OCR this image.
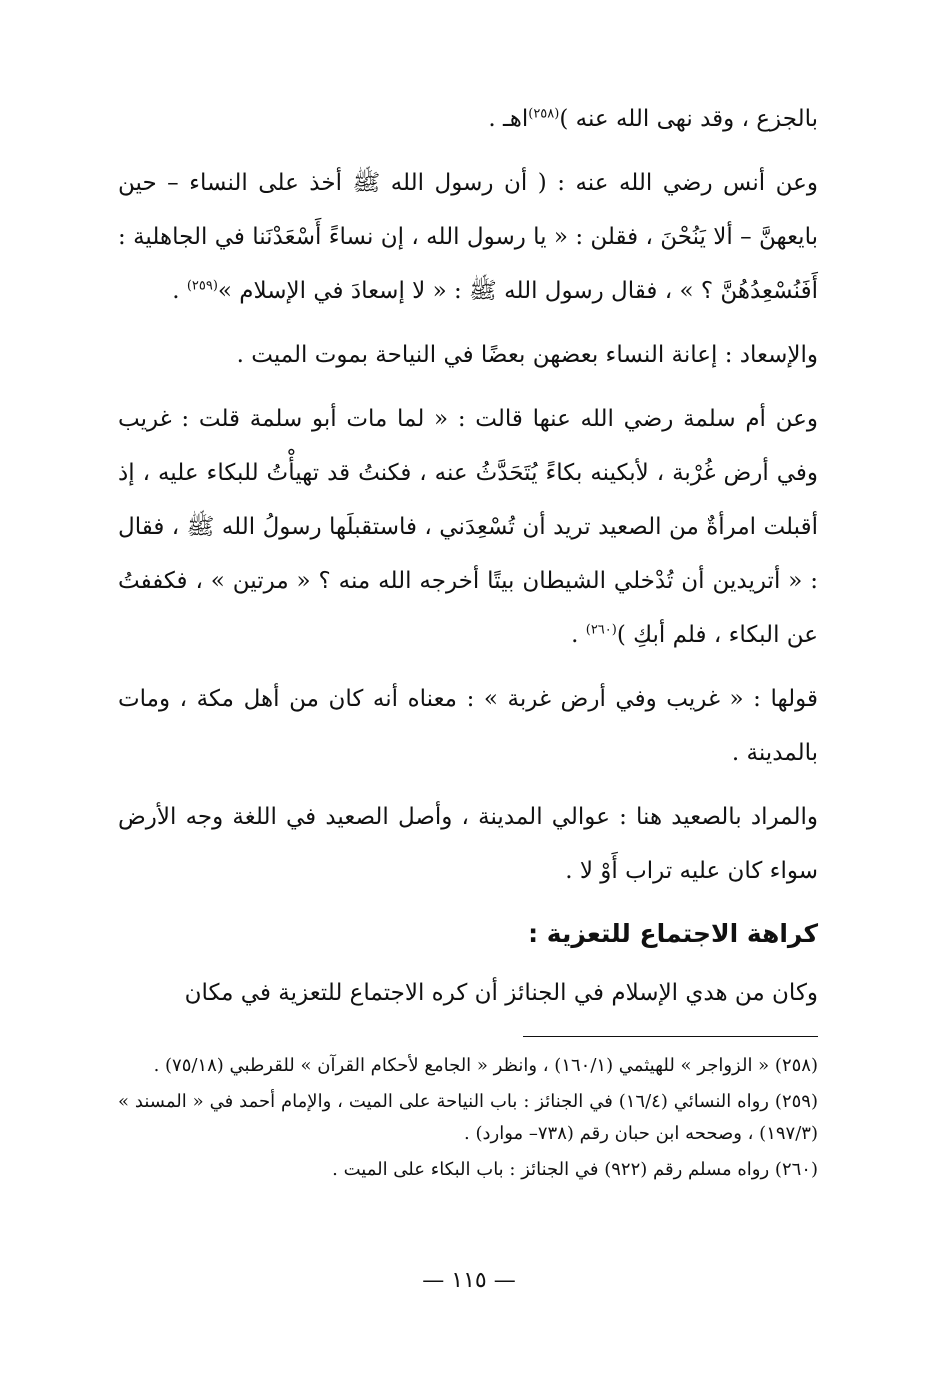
بالجزع ، وقد نهى الله عنه )$^{(٢٥٨)}$اهـ .

وعن أنس رضي الله عنه : ( أن رسول الله ﷺ أخذ على النساء – حين بايعهنَّ – ألا يَنُحْنَ ، فقلن : « يا رسول الله ، إن نساءً أَسْعَدْنَنا في الجاهلية : أَفَنُسْعِدُهُنَّ ؟ » ، فقال رسول الله ﷺ : « لا إسعادَ في الإسلام »$^{(٢٥٩)}$ .

والإسعاد : إعانة النساء بعضهن بعضًا في النياحة بموت الميت .

وعن أم سلمة رضي الله عنها قالت : « لما مات أبو سلمة قلت : غريب وفي أرض غُرْبة ، لأبكينه بكاءً يُتَحَدَّثُ عنه ، فكنتُ قد تهيأْتُ للبكاء عليه ، إذ أقبلت امرأةٌ من الصعيد تريد أن تُسْعِدَني ، فاستقبلَها رسولُ الله ﷺ ، فقال : « أتريدين أن تُدْخلي الشيطان بيتًا أخرجه الله منه ؟ « مرتين » ، فكففتُ عن البكاء ، فلم أبكِ )$^{(٢٦٠)}$ .

قولها : « غريب وفي أرض غربة » : معناه أنه كان من أهل مكة ، ومات بالمدينة .

والمراد بالصعيد هنا : عوالي المدينة ، وأصل الصعيد في اللغة وجه الأرض سواء كان عليه تراب أَوْ لا .

كراهة الاجتماع للتعزية :

وكان من هدي الإسلام في الجنائز أن كره الاجتماع للتعزية في مكان

(٢٥٨) « الزواجر » للهيثمي (١٦٠/١) ، وانظر « الجامع لأحكام القرآن » للقرطبي (٧٥/١٨) .

(٢٥٩) رواه النسائي (١٦/٤) في الجنائز : باب النياحة على الميت ، والإمام أحمد في « المسند » (١٩٧/٣) ، وصححه ابن حبان رقم (٧٣٨– موارد) .

(٢٦٠) رواه مسلم رقم (٩٢٢) في الجنائز : باب البكاء على الميت .

— ١١٥ —
